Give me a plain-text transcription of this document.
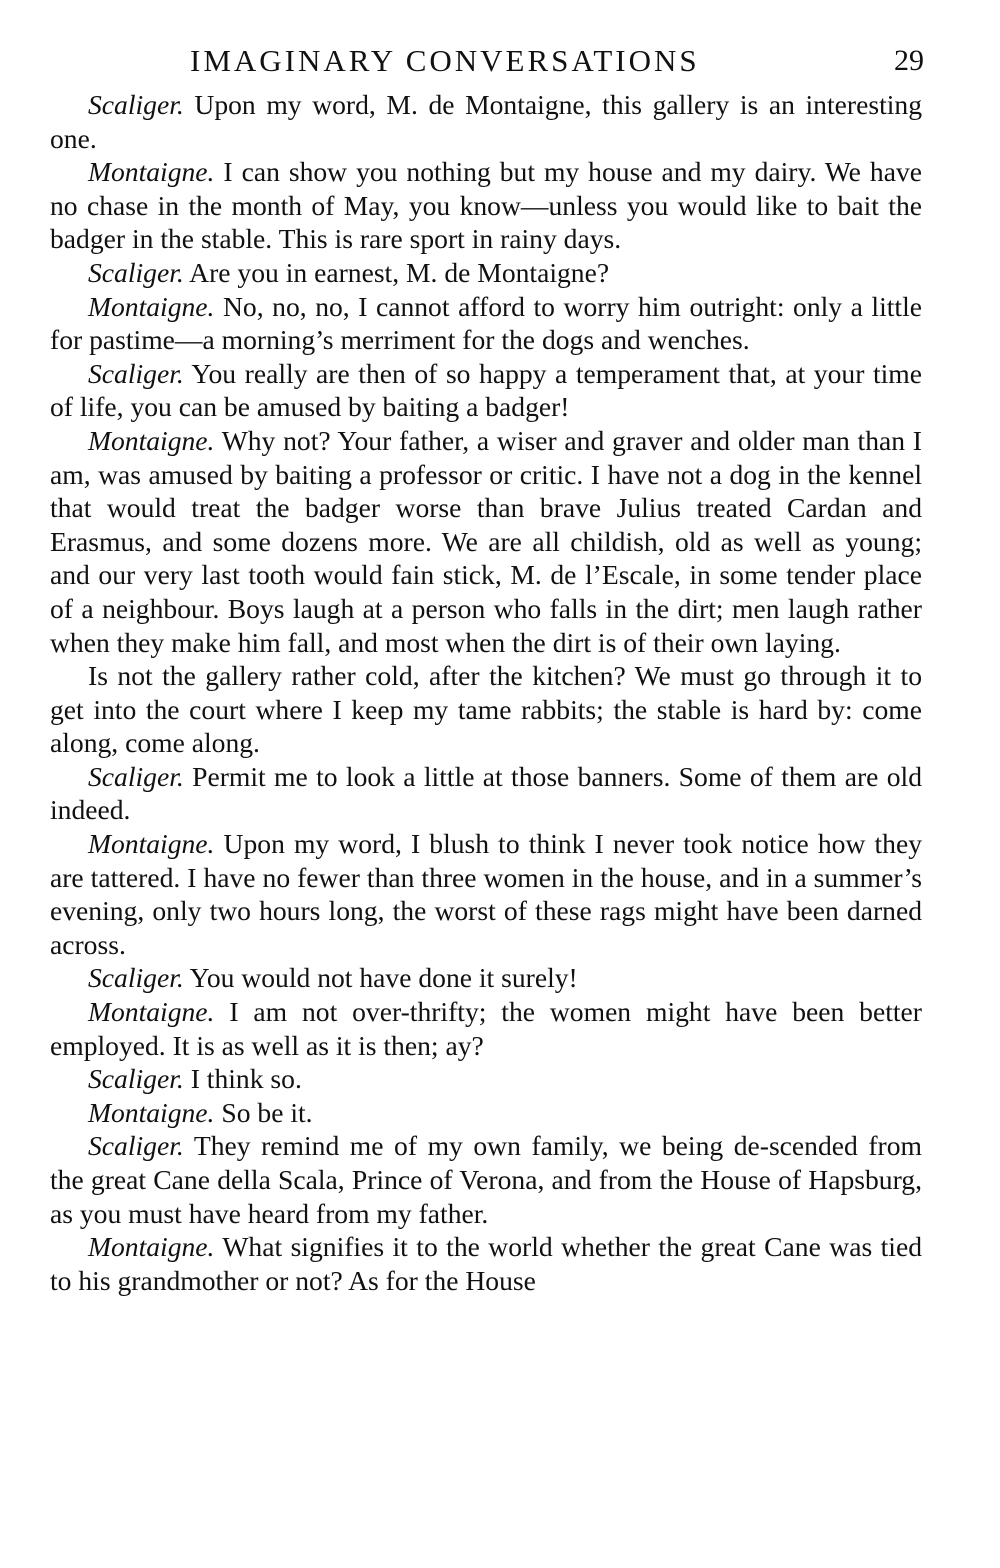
IMAGINARY CONVERSATIONS	29

Scaliger. Upon my word, M. de Montaigne, this gallery is an interesting one.

Montaigne. I can show you nothing but my house and my dairy. We have no chase in the month of May, you know—unless you would like to bait the badger in the stable. This is rare sport in rainy days.

Scaliger. Are you in earnest, M. de Montaigne?

Montaigne. No, no, no, I cannot afford to worry him outright: only a little for pastime—a morning’s merriment for the dogs and wenches.

Scaliger. You really are then of so happy a temperament that, at your time of life, you can be amused by baiting a badger!

Montaigne. Why not? Your father, a wiser and graver and older man than I am, was amused by baiting a professor or critic. I have not a dog in the kennel that would treat the badger worse than brave Julius treated Cardan and Erasmus, and some dozens more. We are all childish, old as well as young; and our very last tooth would fain stick, M. de l’Escale, in some tender place of a neighbour. Boys laugh at a person who falls in the dirt; men laugh rather when they make him fall, and most when the dirt is of their own laying.

Is not the gallery rather cold, after the kitchen? We must go through it to get into the court where I keep my tame rabbits; the stable is hard by: come along, come along.

Scaliger. Permit me to look a little at those banners. Some of them are old indeed.

Montaigne. Upon my word, I blush to think I never took notice how they are tattered. I have no fewer than three women in the house, and in a summer’s evening, only two hours long, the worst of these rags might have been darned across.

Scaliger. You would not have done it surely!

Montaigne. I am not over-thrifty; the women might have been better employed. It is as well as it is then; ay?

Scaliger. I think so.

Montaigne. So be it.

Scaliger. They remind me of my own family, we being de-scended from the great Cane della Scala, Prince of Verona, and from the House of Hapsburg, as you must have heard from my father.

Montaigne. What signifies it to the world whether the great Cane was tied to his grandmother or not? As for the House
